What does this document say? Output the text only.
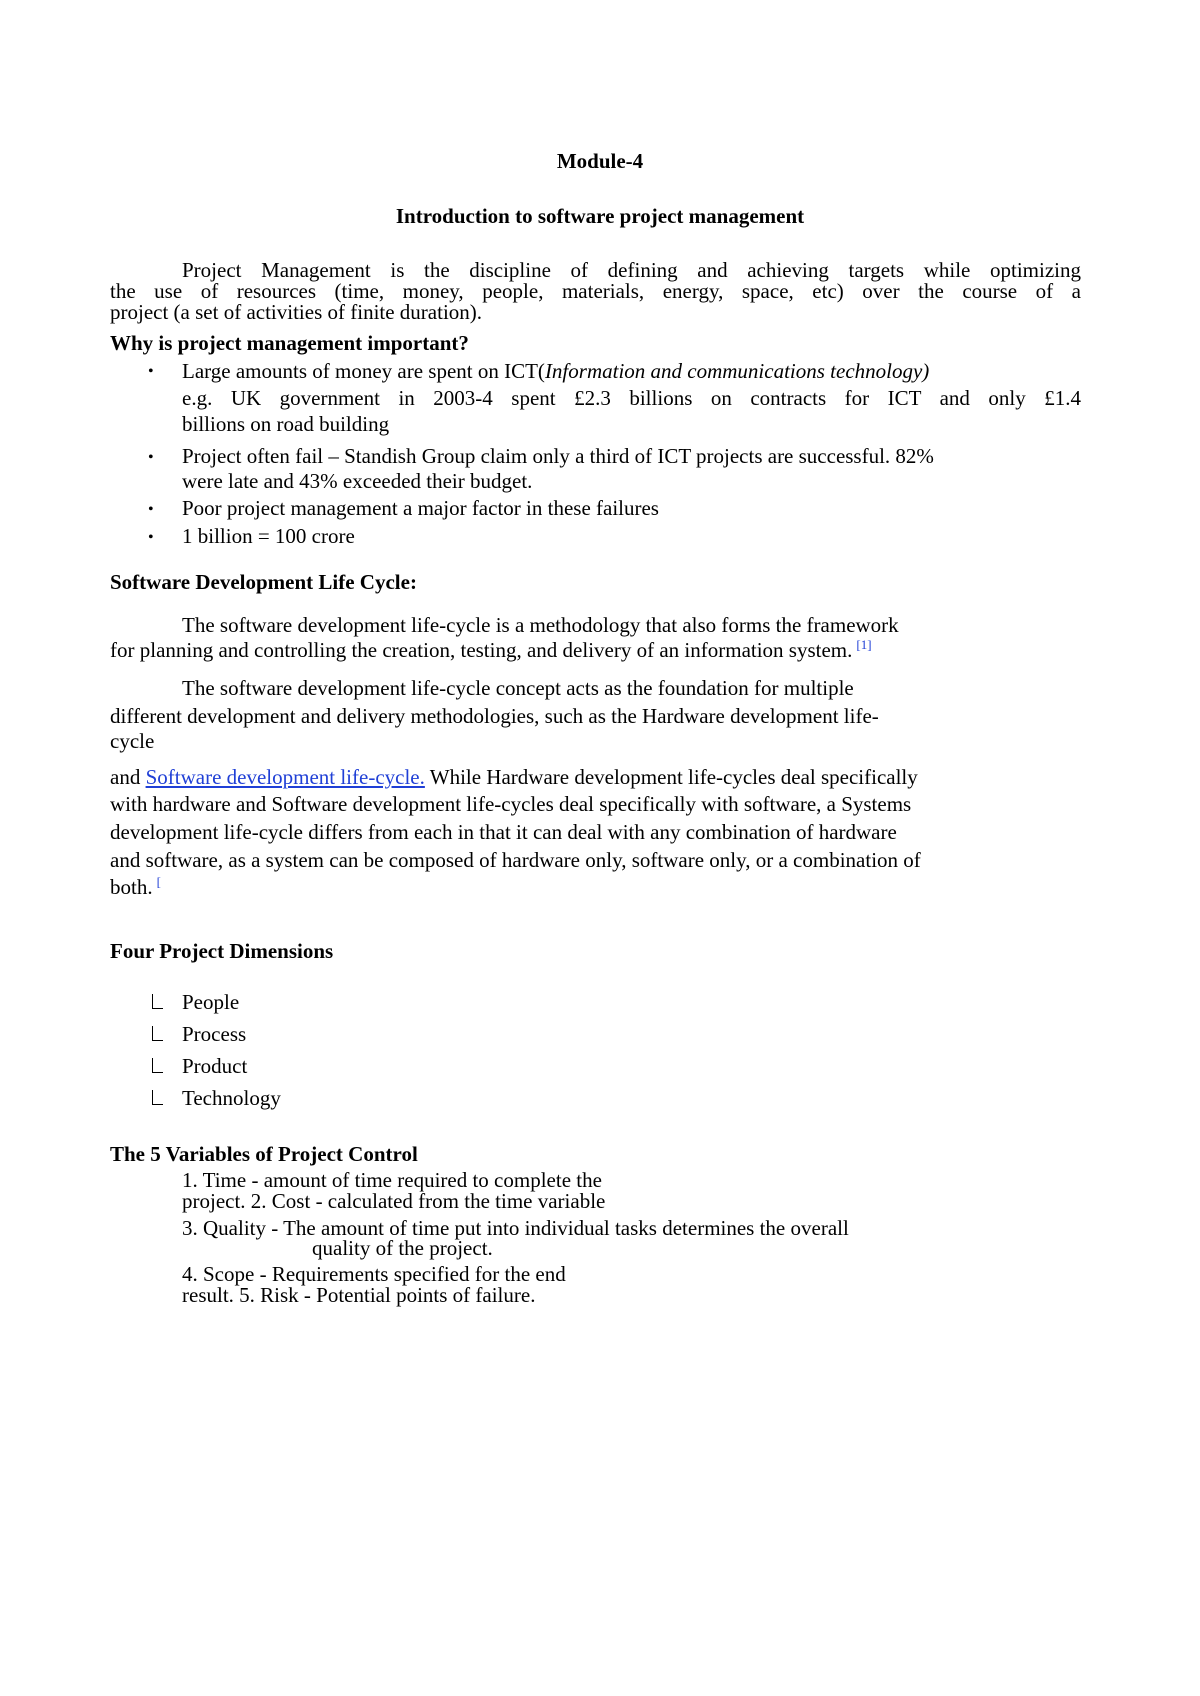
Module-4
Introduction to software project management
Project Management is the discipline of defining and achieving targets while optimizing
the use of resources (time, money, people, materials, energy, space, etc) over the course of a
project (a set of activities of finite duration).
Why is project management important?
• Large amounts of money are spent on ICT(Information and communications technology)
e.g. UK government in 2003-4 spent £2.3 billions on contracts for ICT and only £1.4
billions on road building
• Project often fail – Standish Group claim only a third of ICT projects are successful. 82%
were late and 43% exceeded their budget.
• Poor project management a major factor in these failures
• 1 billion = 100 crore
Software Development Life Cycle:
The software development life-cycle is a methodology that also forms the framework
for planning and controlling the creation, testing, and delivery of an information system. [1]
The software development life-cycle concept acts as the foundation for multiple
different development and delivery methodologies, such as the Hardware development life-
cycle
and Software development life-cycle. While Hardware development life-cycles deal specifically
with hardware and Software development life-cycles deal specifically with software, a Systems
development life-cycle differs from each in that it can deal with any combination of hardware
and software, as a system can be composed of hardware only, software only, or a combination of
both. [
Four Project Dimensions
People
Process
Product
Technology
The 5 Variables of Project Control
1. Time - amount of time required to complete the
project. 2. Cost - calculated from the time variable
3. Quality - The amount of time put into individual tasks determines the overall
quality of the project.
4. Scope - Requirements specified for the end
result. 5. Risk - Potential points of failure.
